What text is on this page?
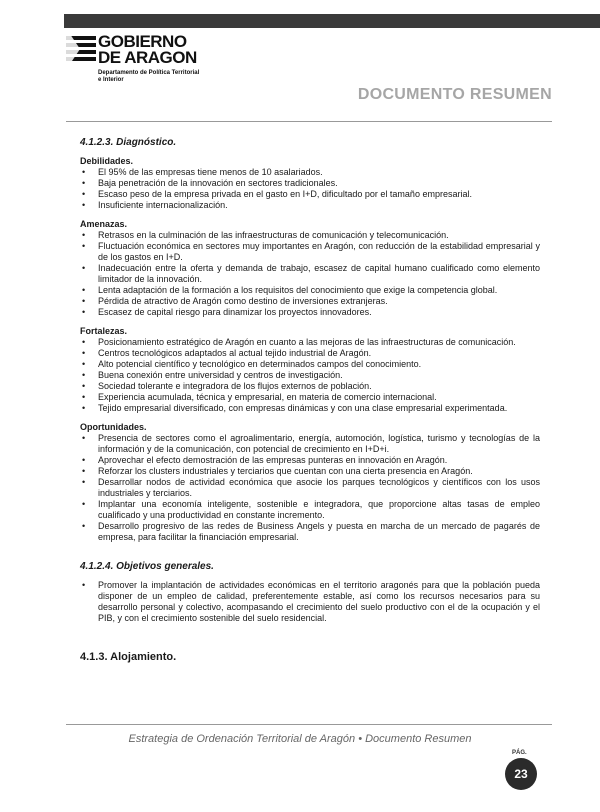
GOBIERNO
DE ARAGON
Departamento de Política Territorial
e Interior
DOCUMENTO RESUMEN
4.1.2.3. Diagnóstico.
Debilidades.
• El 95% de las empresas tiene menos de 10 asalariados.
• Baja penetración de la innovación en sectores tradicionales.
• Escaso peso de la empresa privada en el gasto en I+D, dificultado por el tamaño empresarial.
• Insuficiente internacionalización.
Amenazas.
• Retrasos en la culminación de las infraestructuras de comunicación y telecomunicación.
• Fluctuación económica en sectores muy importantes en Aragón, con reducción de la estabilidad empresarial y de los gastos en I+D.
• Inadecuación entre la oferta y demanda de trabajo, escasez de capital humano cualificado como elemento limitador de la innovación.
• Lenta adaptación de la formación a los requisitos del conocimiento que exige la competencia global.
• Pérdida de atractivo de Aragón como destino de inversiones extranjeras.
• Escasez de capital riesgo para dinamizar los proyectos innovadores.
Fortalezas.
• Posicionamiento estratégico de Aragón en cuanto a las mejoras de las infraestructuras de comunicación.
• Centros tecnológicos adaptados al actual tejido industrial de Aragón.
• Alto potencial científico y tecnológico en determinados campos del conocimiento.
• Buena conexión entre universidad y centros de investigación.
• Sociedad tolerante e integradora de los flujos externos de población.
• Experiencia acumulada, técnica y empresarial, en materia de comercio internacional.
• Tejido empresarial diversificado, con empresas dinámicas y con una clase empresarial experimentada.
Oportunidades.
• Presencia de sectores como el agroalimentario, energía, automoción, logística, turismo y tecnologías de la información y de la comunicación, con potencial de crecimiento en I+D+i.
• Aprovechar el efecto demostración de las empresas punteras en innovación en Aragón.
• Reforzar los clusters industriales y terciarios que cuentan con una cierta presencia en Aragón.
• Desarrollar nodos de actividad económica que asocie los parques tecnológicos y científicos con los usos industriales y terciarios.
• Implantar una economía inteligente, sostenible e integradora, que proporcione altas tasas de empleo cualificado y una productividad en constante incremento.
• Desarrollo progresivo de las redes de Business Angels y puesta en marcha de un mercado de pagarés de empresa, para facilitar la financiación empresarial.
4.1.2.4. Objetivos generales.
• Promover la implantación de actividades económicas en el territorio aragonés para que la población pueda disponer de un empleo de calidad, preferentemente estable, así como los recursos necesarios para su desarrollo personal y colectivo, acompasando el crecimiento del suelo productivo con el de la ocupación y el PIB, y con el crecimiento sostenible del suelo residencial.
4.1.3. Alojamiento.
Estrategia de Ordenación Territorial de Aragón • Documento Resumen
PÁG.
23
